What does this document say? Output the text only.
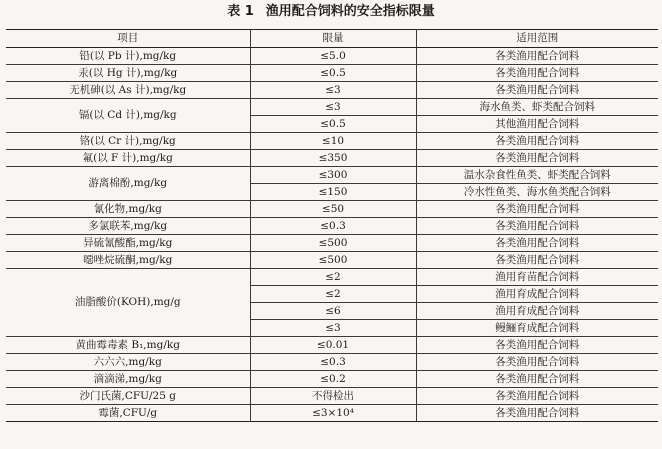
表 1 渔用配合饲料的安全指标限量
项目	限量	适用范围
铅(以 Pb 计),mg/kg	≤5.0	各类渔用配合饲料
汞(以 Hg 计),mg/kg	≤0.5	各类渔用配合饲料
无机砷(以 As 计),mg/kg	≤3	各类渔用配合饲料
镉(以 Cd 计),mg/kg	≤3	海水鱼类、虾类配合饲料
	≤0.5	其他渔用配合饲料
铬(以 Cr 计),mg/kg	≤10	各类渔用配合饲料
氟(以 F 计),mg/kg	≤350	各类渔用配合饲料
游离棉酚,mg/kg	≤300	温水杂食性鱼类、虾类配合饲料
	≤150	冷水性鱼类、海水鱼类配合饲料
氰化物,mg/kg	≤50	各类渔用配合饲料
多氯联苯,mg/kg	≤0.3	各类渔用配合饲料
异硫氰酸酯,mg/kg	≤500	各类渔用配合饲料
噁唑烷硫酮,mg/kg	≤500	各类渔用配合饲料
油脂酸价(KOH),mg/g	≤2	渔用育苗配合饲料
	≤2	渔用育成配合饲料
	≤6	渔用育成配合饲料
	≤3	鳗鲡育成配合饲料
黄曲霉毒素 B₁,mg/kg	≤0.01	各类渔用配合饲料
六六六,mg/kg	≤0.3	各类渔用配合饲料
滴滴涕,mg/kg	≤0.2	各类渔用配合饲料
沙门氏菌,CFU/25 g	不得检出	各类渔用配合饲料
霉菌,CFU/g	≤3×10⁴	各类渔用配合饲料
